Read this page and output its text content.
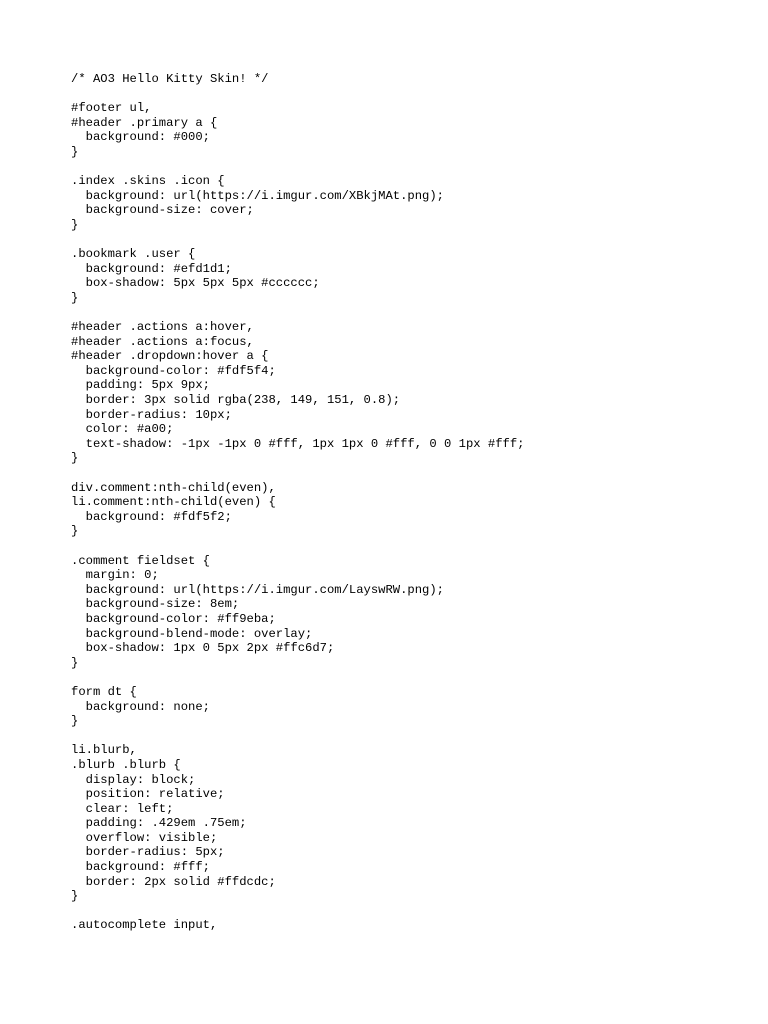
/* AO3 Hello Kitty Skin! */
#footer ul,
#header .primary a {
background: #000;
}
.index .skins .icon {
background: url(https://i.imgur.com/XBkjMAt.png);
background-size: cover;
}
.bookmark .user {
background: #efd1d1;
box-shadow: 5px 5px 5px #cccccc;
}
#header .actions a:hover,
#header .actions a:focus,
#header .dropdown:hover a {
background-color: #fdf5f4;
padding: 5px 9px;
border: 3px solid rgba(238, 149, 151, 0.8);
border-radius: 10px;
color: #a00;
text-shadow: -1px -1px 0 #fff, 1px 1px 0 #fff, 0 0 1px #fff;
}
div.comment:nth-child(even),
li.comment:nth-child(even) {
background: #fdf5f2;
}
.comment fieldset {
margin: 0;
background: url(https://i.imgur.com/LayswRW.png);
background-size: 8em;
background-color: #ff9eba;
background-blend-mode: overlay;
box-shadow: 1px 0 5px 2px #ffc6d7;
}
form dt {
background: none;
}
li.blurb,
.blurb .blurb {
display: block;
position: relative;
clear: left;
padding: .429em .75em;
overflow: visible;
border-radius: 5px;
background: #fff;
border: 2px solid #ffdcdc;
}
.autocomplete input,
